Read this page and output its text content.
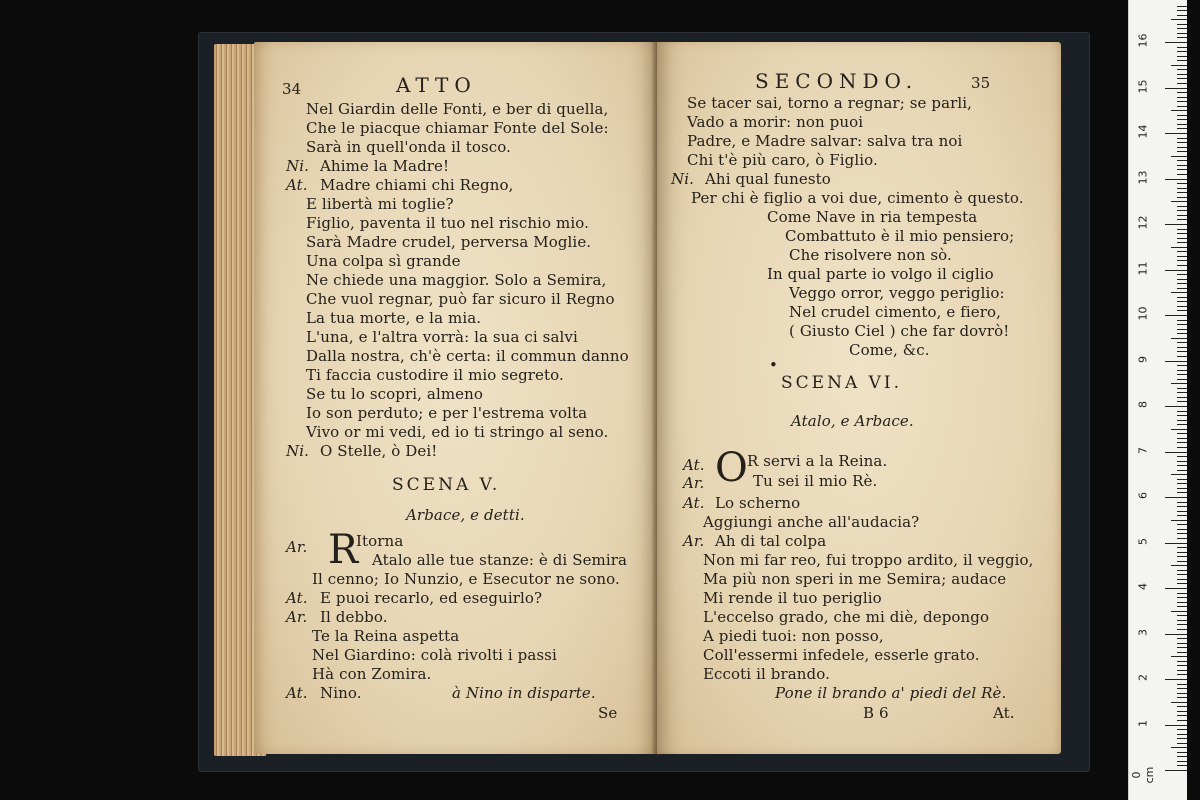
34	ATTO
Nel Giardin delle Fonti, e ber di quella,
Che le piacque chiamar Fonte del Sole:
Sarà in quell'onda il tosco.
Ni. Ahime la Madre!
At. Madre chiami chi Regno,
E libertà mi toglie?
Figlio, paventa il tuo nel rischio mio.
Sarà Madre crudel, perversa Moglie.
Una colpa sì grande
Ne chiede una maggior. Solo a Semira,
Che vuol regnar, può far sicuro il Regno
La tua morte, e la mia.
L'una, e l'altra vorrà: la sua ci salvi
Dalla nostra, ch'è certa: il commun danno
Ti faccia custodire il mio segreto.
Se tu lo scopri, almeno
Io son perduto; e per l'estrema volta
Vivo or mi vedi, ed io ti stringo al seno.
Ni. O Stelle, ò Dei!
SCENA V.
Arbace, e detti.
Ar. R
Itorna
Atalo alle tue stanze: è di Semira
Il cenno; Io Nunzio, e Esecutor ne sono.
At. E puoi recarlo, ed eseguirlo?
Ar. Il debbo.
Te la Reina aspetta
Nel Giardino: colà rivolti i passi
Hà con Zomira.
At. Nino.	à Nino in disparte.
Se
SECONDO.	35
Se tacer sai, torno a regnar; se parli,
Vado a morir: non puoi
Padre, e Madre salvar: salva tra noi
Chi t'è più caro, ò Figlio.
Ni. Ahi qual funesto
Per chi è figlio a voi due, cimento è questo.
Come Nave in ria tempesta
Combattuto è il mio pensiero;
Che risolvere non sò.
In qual parte io volgo il ciglio
Veggo orror, veggo periglio:
Nel crudel cimento, e fiero,
( Giusto Ciel ) che far dovrò!
Come, &c.
•
SCENA VI.
Atalo, e Arbace.
At. O R servi a la Reina.
Ar.	Tu sei il mio Rè.
At. Lo scherno
Aggiungi anche all'audacia?
Ar. Ah di tal colpa
Non mi far reo, fui troppo ardito, il veggio,
Ma più non speri in me Semira; audace
Mi rende il tuo periglio
L'eccelso grado, che mi diè, depongo
A piedi tuoi: non posso,
Coll'essermi infedele, esserle grato.
Eccoti il brando.
Pone il brando a' piedi del Rè.
B 6	At.
0 cm
1
2
3
4
5
6
7
8
9
10
11
12
13
14
15
16
